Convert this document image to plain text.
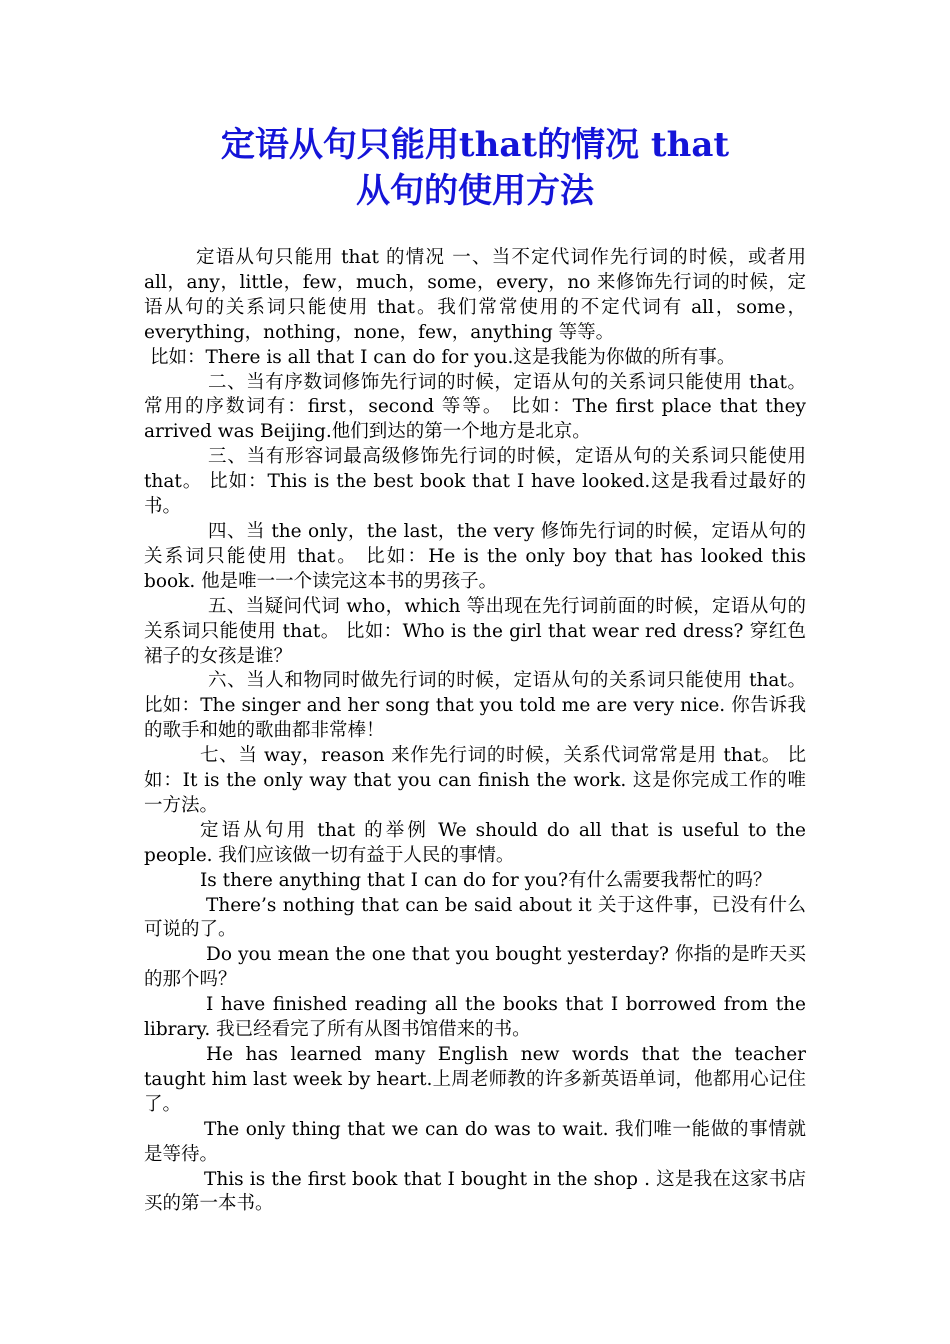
定语从句只能用that的情况 that
从句的使用方法

定语从句只能用 that 的情况 一、当不定代词作先行词的时候，或者用 all，any，little，few，much，some，every，no 来修饰先行词的时候，定语从句的关系词只能使用 that。我们常常使用的不定代词有 all，some，everything，nothing，none，few，anything 等等。

比如：There is all that I can do for you.这是我能为你做的所有事。

二、当有序数词修饰先行词的时候，定语从句的关系词只能使用 that。常用的序数词有：first，second 等等。 比如：The first place that they arrived was Beijing.他们到达的第一个地方是北京。

三、当有形容词最高级修饰先行词的时候，定语从句的关系词只能使用 that。 比如：This is the best book that I have looked.这是我看过最好的书。

四、当 the only，the last，the very 修饰先行词的时候，定语从句的关系词只能使用 that。 比如：He is the only boy that has looked this book. 他是唯一一个读完这本书的男孩子。

五、当疑问代词 who，which 等出现在先行词前面的时候，定语从句的关系词只能使用 that。 比如：Who is the girl that wear red dress? 穿红色裙子的女孩是谁？

六、当人和物同时做先行词的时候，定语从句的关系词只能使用 that。 比如：The singer and her song that you told me are very nice. 你告诉我的歌手和她的歌曲都非常棒！

七、当 way，reason 来作先行词的时候，关系代词常常是用 that。 比如：It is the only way that you can finish the work. 这是你完成工作的唯一方法。

定语从句用 that 的举例 We should do all that is useful to the people. 我们应该做一切有益于人民的事情。

Is there anything that I can do for you?有什么需要我帮忙的吗？

There’s nothing that can be said about it 关于这件事，已没有什么可说的了。

Do you mean the one that you bought yesterday? 你指的是昨天买的那个吗？

I have finished reading all the books that I borrowed from the library. 我已经看完了所有从图书馆借来的书。

He has learned many English new words that the teacher taught him last week by heart.上周老师教的许多新英语单词，他都用心记住了。

The only thing that we can do was to wait. 我们唯一能做的事情就是等待。

This is the first book that I bought in the shop . 这是我在这家书店买的第一本书。
